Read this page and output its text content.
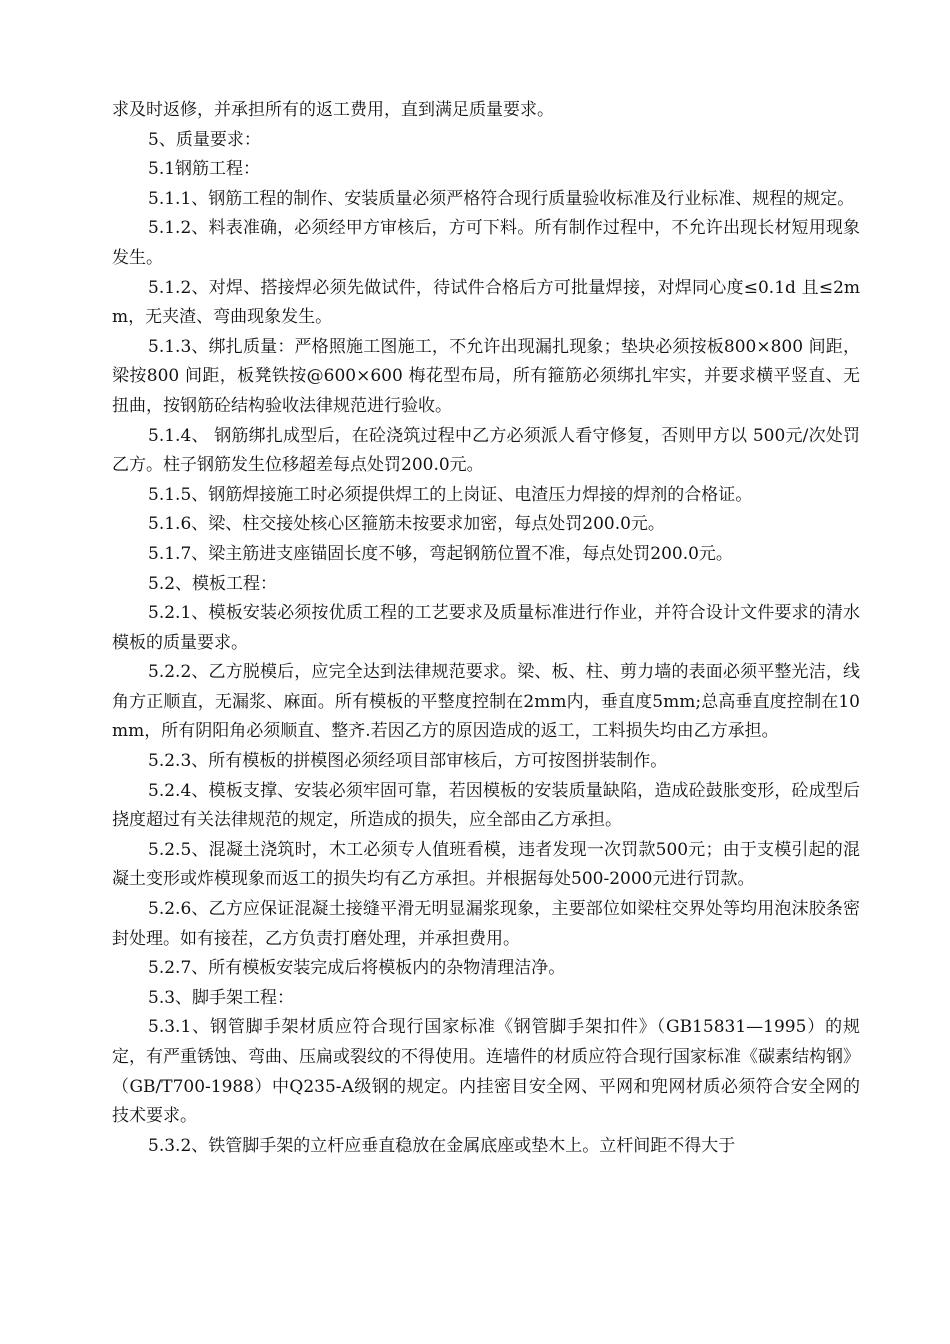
求及时返修，并承担所有的返工费用，直到满足质量要求。

5、质量要求：

5.1钢筋工程：

5.1.1、钢筋工程的制作、安装质量必须严格符合现行质量验收标准及行业标准、规程的规定。

5.1.2、料表准确，必须经甲方审核后，方可下料。所有制作过程中，不允许出现长材短用现象发生。

5.1.2、对焊、搭接焊必须先做试件，待试件合格后方可批量焊接，对焊同心度≤0.1d 且≤2mm，无夹渣、弯曲现象发生。

5.1.3、绑扎质量：严格照施工图施工，不允许出现漏扎现象；垫块必须按板800×800 间距，梁按800 间距，板凳铁按@600×600 梅花型布局，所有箍筋必须绑扎牢实，并要求横平竖直、无扭曲，按钢筋砼结构验收法律规范进行验收。

5.1.4、 钢筋绑扎成型后，在砼浇筑过程中乙方必须派人看守修复，否则甲方以 500元/次处罚乙方。柱子钢筋发生位移超差每点处罚200.0元。

5.1.5、钢筋焊接施工时必须提供焊工的上岗证、电渣压力焊接的焊剂的合格证。

5.1.6、梁、柱交接处核心区箍筋未按要求加密，每点处罚200.0元。

5.1.7、梁主筋进支座锚固长度不够，弯起钢筋位置不准，每点处罚200.0元。

5.2、模板工程：

5.2.1、模板安装必须按优质工程的工艺要求及质量标准进行作业，并符合设计文件要求的清水模板的质量要求。

5.2.2、乙方脱模后，应完全达到法律规范要求。梁、板、柱、剪力墙的表面必须平整光洁，线角方正顺直，无漏浆、麻面。所有模板的平整度控制在2mm内，垂直度5mm;总高垂直度控制在10mm，所有阴阳角必须顺直、整齐.若因乙方的原因造成的返工，工料损失均由乙方承担。

5.2.3、所有模板的拼模图必须经项目部审核后，方可按图拼装制作。

5.2.4、模板支撑、安装必须牢固可靠，若因模板的安装质量缺陷，造成砼鼓胀变形，砼成型后挠度超过有关法律规范的规定，所造成的损失，应全部由乙方承担。

5.2.5、混凝土浇筑时，木工必须专人值班看模，违者发现一次罚款500元；由于支模引起的混凝土变形或炸模现象而返工的损失均有乙方承担。并根据每处500-2000元进行罚款。

5.2.6、乙方应保证混凝土接缝平滑无明显漏浆现象，主要部位如梁柱交界处等均用泡沫胶条密封处理。如有接茬，乙方负责打磨处理，并承担费用。

5.2.7、所有模板安装完成后将模板内的杂物清理洁净。

5.3、脚手架工程：

5.3.1、钢管脚手架材质应符合现行国家标准《钢管脚手架扣件》（GB15831—1995）的规定，有严重锈蚀、弯曲、压扁或裂纹的不得使用。连墙件的材质应符合现行国家标准《碳素结构钢》（GB/T700-1988）中Q235-A级钢的规定。内挂密目安全网、平网和兜网材质必须符合安全网的技术要求。

5.3.2、铁管脚手架的立杆应垂直稳放在金属底座或垫木上。立杆间距不得大于
